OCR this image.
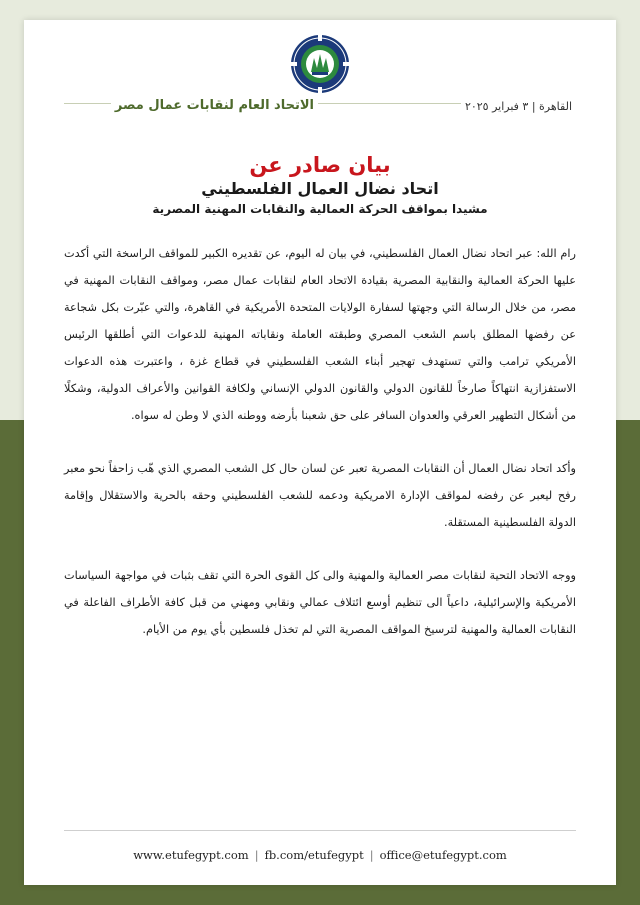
الاتحاد العام لنقابات عمال مصر	القاهرة | ٣ فبراير ٢٠٢٥
بيان صادر عن
اتحاد نضال العمال الفلسطيني
مشيدا بمواقف الحركة العمالية والنقابات المهنية المصرية

رام الله: عبر اتحاد نضال العمال الفلسطيني، في بيان له اليوم، عن تقديره الكبير للمواقف الراسخة التي أكدت عليها الحركة العمالية والنقابية المصرية بقيادة الاتحاد العام لنقابات عمال مصر، ومواقف النقابات المهنية في مصر، من خلال الرسالة التي وجهتها لسفارة الولايات المتحدة الأمريكية في القاهرة، والتي عبّرت بكل شجاعة عن رفضها المطلق باسم الشعب المصري وطبقته العاملة ونقاباته المهنية للدعوات التي أطلقها الرئيس الأمريكي ترامب والتي تستهدف تهجير أبناء الشعب الفلسطيني في قطاع غزة ، واعتبرت هذه الدعوات الاستفزازية انتهاكاً صارخاً للقانون الدولي والقانون الدولي الإنساني ولكافة القوانين والأعراف الدولية، وشكلًا من أشكال التطهير العرقي والعدوان السافر على حق شعبنا بأرضه ووطنه الذي لا وطن له سواه.

وأكد اتحاد نضال العمال أن النقابات المصرية تعبر عن لسان حال كل الشعب المصري الذي هّب زاحفاً نحو معبر رفح ليعبر عن رفضه لمواقف الإدارة الامريكية ودعمه للشعب الفلسطيني وحقه بالحرية والاستقلال وإقامة الدولة الفلسطينية المستقلة.

ووجه الاتحاد التحية لنقابات مصر العمالية والمهنية والى كل القوى الحرة التي تقف بثبات في مواجهة السياسات الأمريكية والإسرائيلية، داعياً الى تنظيم أوسع ائتلاف عمالي ونقابي ومهني من قبل كافة الأطراف الفاعلة في النقابات العمالية والمهنية لترسيخ المواقف المصرية التي لم تخذل فلسطين بأي يوم من الأيام.

www.etufegypt.com | fb.com/etufegypt | office@etufegypt.com
